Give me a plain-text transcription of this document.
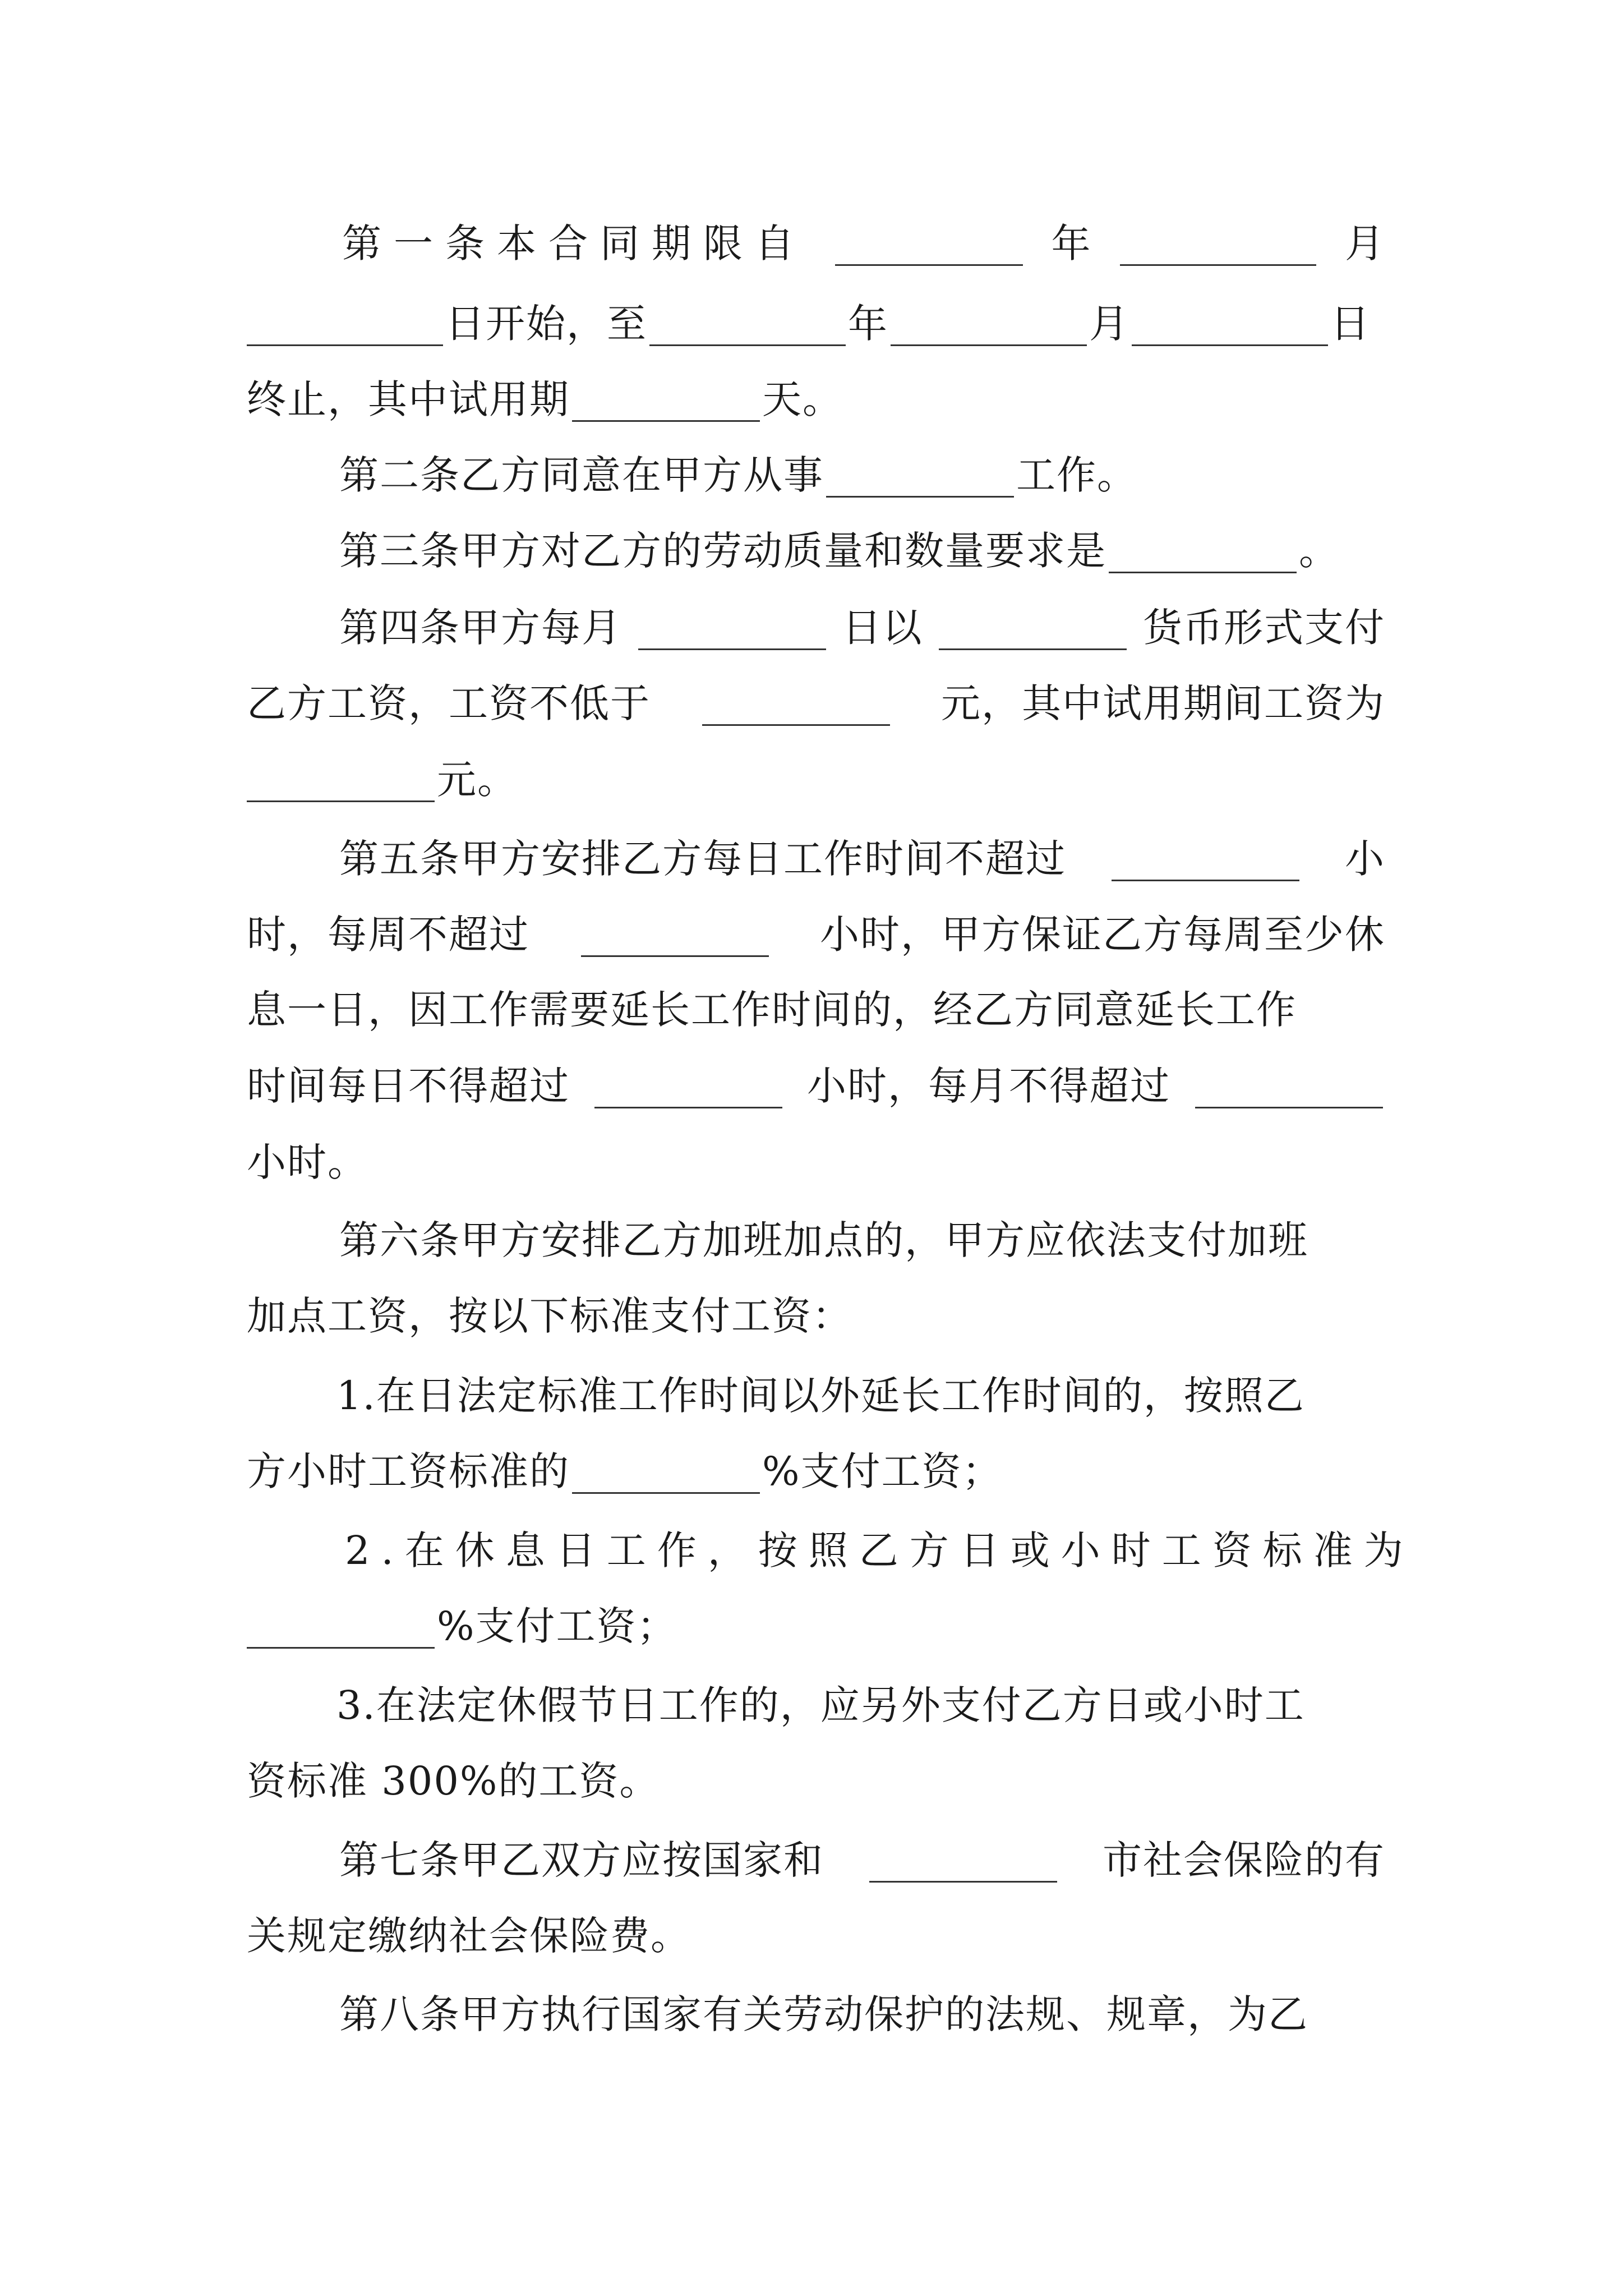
第一条本合同期限自	年	月
日开始，至	年	月	日
终止，其中试用期	天。
第二条乙方同意在甲方从事	工作。
第三条甲方对乙方的劳动质量和数量要求是	。
第四条甲方每月	日以	货币形式支付
乙方工资，工资不低于	元，其中试用期间工资为
元。
第五条甲方安排乙方每日工作时间不超过	小
时，每周不超过	小时，甲方保证乙方每周至少休
息一日，因工作需要延长工作时间的，经乙方同意延长工作
时间每日不得超过	小时，每月不得超过
小时。
第六条甲方安排乙方加班加点的，甲方应依法支付加班
加点工资，按以下标准支付工资：
1.在日法定标准工作时间以外延长工作时间的，按照乙
方小时工资标准的	%支付工资；
2.在休息日工作，按照乙方日或小时工资标准为
%支付工资；
3.在法定休假节日工作的，应另外支付乙方日或小时工
资标准 300%的工资。
第七条甲乙双方应按国家和	市社会保险的有
关规定缴纳社会保险费。
第八条甲方执行国家有关劳动保护的法规、规章，为乙
